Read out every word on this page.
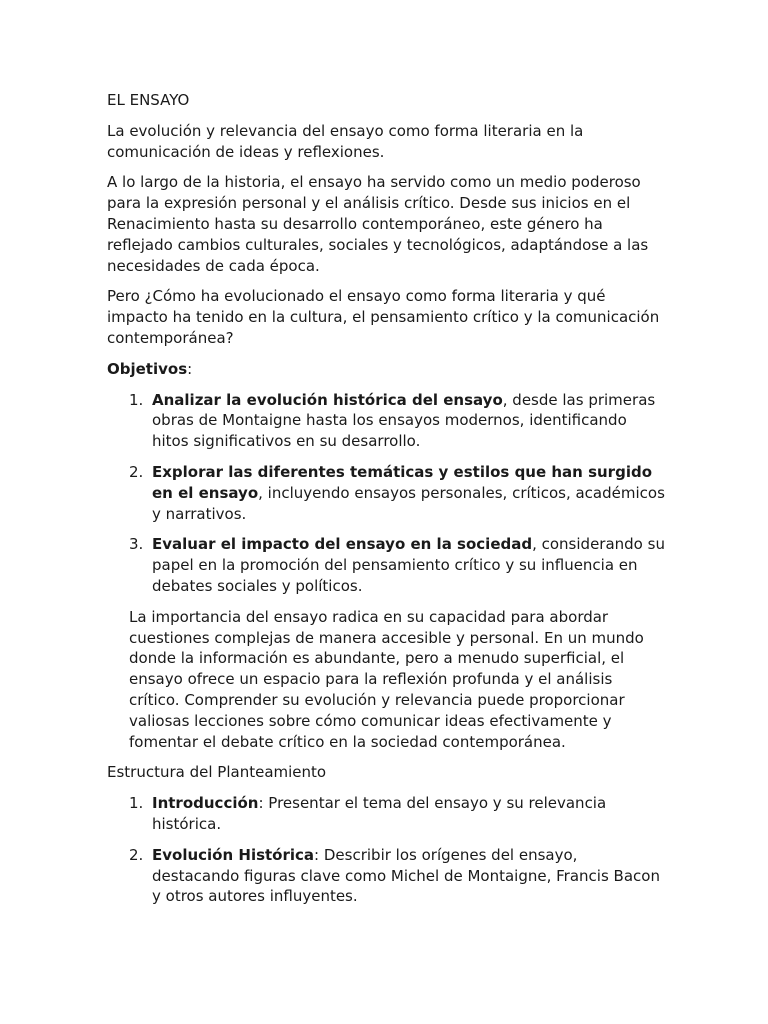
EL ENSAYO

La evolución y relevancia del ensayo como forma literaria en la comunicación de ideas y reflexiones.

A lo largo de la historia, el ensayo ha servido como un medio poderoso para la expresión personal y el análisis crítico. Desde sus inicios en el Renacimiento hasta su desarrollo contemporáneo, este género ha reflejado cambios culturales, sociales y tecnológicos, adaptándose a las necesidades de cada época.

Pero ¿Cómo ha evolucionado el ensayo como forma literaria y qué impacto ha tenido en la cultura, el pensamiento crítico y la comunicación contemporánea?

Objetivos:

1. Analizar la evolución histórica del ensayo, desde las primeras obras de Montaigne hasta los ensayos modernos, identificando hitos significativos en su desarrollo.
2. Explorar las diferentes temáticas y estilos que han surgido en el ensayo, incluyendo ensayos personales, críticos, académicos y narrativos.
3. Evaluar el impacto del ensayo en la sociedad, considerando su papel en la promoción del pensamiento crítico y su influencia en debates sociales y políticos.

La importancia del ensayo radica en su capacidad para abordar cuestiones complejas de manera accesible y personal. En un mundo donde la información es abundante, pero a menudo superficial, el ensayo ofrece un espacio para la reflexión profunda y el análisis crítico. Comprender su evolución y relevancia puede proporcionar valiosas lecciones sobre cómo comunicar ideas efectivamente y fomentar el debate crítico en la sociedad contemporánea.

Estructura del Planteamiento

1. Introducción: Presentar el tema del ensayo y su relevancia histórica.
2. Evolución Histórica: Describir los orígenes del ensayo, destacando figuras clave como Michel de Montaigne, Francis Bacon y otros autores influyentes.
